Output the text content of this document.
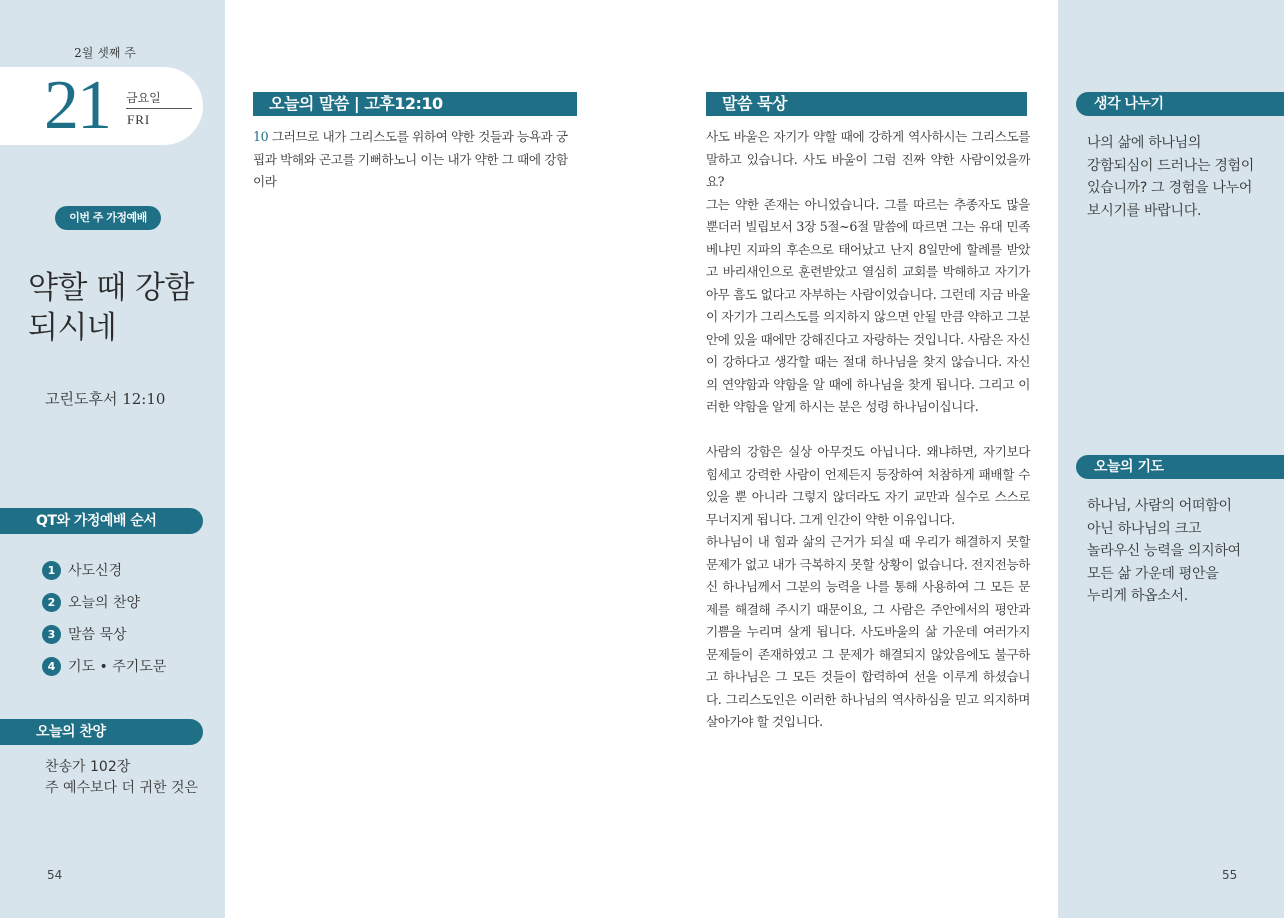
2월 셋째 주
21 금요일
FRI
이번 주 가정예배
약할 때 강함
되시네
고린도후서 12:10
QT와 가정예배 순서
1 사도신경
2 오늘의 찬양
3 말씀 묵상
4 기도 • 주기도문
오늘의 찬양
찬송가 102장
주 예수보다 더 귀한 것은
54
오늘의 말씀 | 고후12:10
10 그러므로 내가 그리스도를 위하여 약한 것들과 능욕과 궁핍과 박해와 곤고를 기뻐하노니 이는 내가 약한 그 때에 강함이라
말씀 묵상

사도 바울은 자기가 약할 때에 강하게 역사하시는 그리스도를 말하고 있습니다. 사도 바울이 그럼 진짜 약한 사람이었을까요?

그는 약한 존재는 아니었습니다. 그를 따르는 추종자도 많을 뿐더러 빌립보서 3장 5절~6절 말씀에 따르면 그는 유대 민족 베냐민 지파의 후손으로 태어났고 난지 8일만에 할례를 받았고 바리새인으로 훈련받았고 열심히 교회를 박해하고 자기가 아무 흠도 없다고 자부하는 사람이었습니다. 그런데 지금 바울이 자기가 그리스도를 의지하지 않으면 안될 만큼 약하고 그분 안에 있을 때에만 강해진다고 자랑하는 것입니다. 사람은 자신이 강하다고 생각할 때는 절대 하나님을 찾지 않습니다. 자신의 연약함과 약함을 알 때에 하나님을 찾게 됩니다. 그리고 이러한 약함을 알게 하시는 분은 성령 하나님이십니다.

사람의 강함은 실상 아무것도 아닙니다. 왜냐하면, 자기보다 힘세고 강력한 사람이 언제든지 등장하여 처참하게 패배할 수 있을 뿐 아니라 그렇지 않더라도 자기 교만과 실수로 스스로 무너지게 됩니다. 그게 인간이 약한 이유입니다.

하나님이 내 힘과 삶의 근거가 되실 때 우리가 해결하지 못할 문제가 없고 내가 극복하지 못할 상황이 없습니다. 전지전능하신 하나님께서 그분의 능력을 나를 통해 사용하여 그 모든 문제를 해결해 주시기 때문이요, 그 사람은 주안에서의 평안과 기쁨을 누리며 살게 됩니다. 사도바울의 삶 가운데 여러가지 문제들이 존재하였고 그 문제가 해결되지 않았음에도 불구하고 하나님은 그 모든 것들이 합력하여 선을 이루게 하셨습니다. 그리스도인은 이러한 하나님의 역사하심을 믿고 의지하며 살아가야 할 것입니다.

생각 나누기
나의 삶에 하나님의
강함되심이 드러나는 경험이
있습니까? 그 경험을 나누어
보시기를 바랍니다.
오늘의 기도
하나님, 사람의 어떠함이
아닌 하나님의 크고
놀라우신 능력을 의지하여
모든 삶 가운데 평안을
누리게 하옵소서.
55
